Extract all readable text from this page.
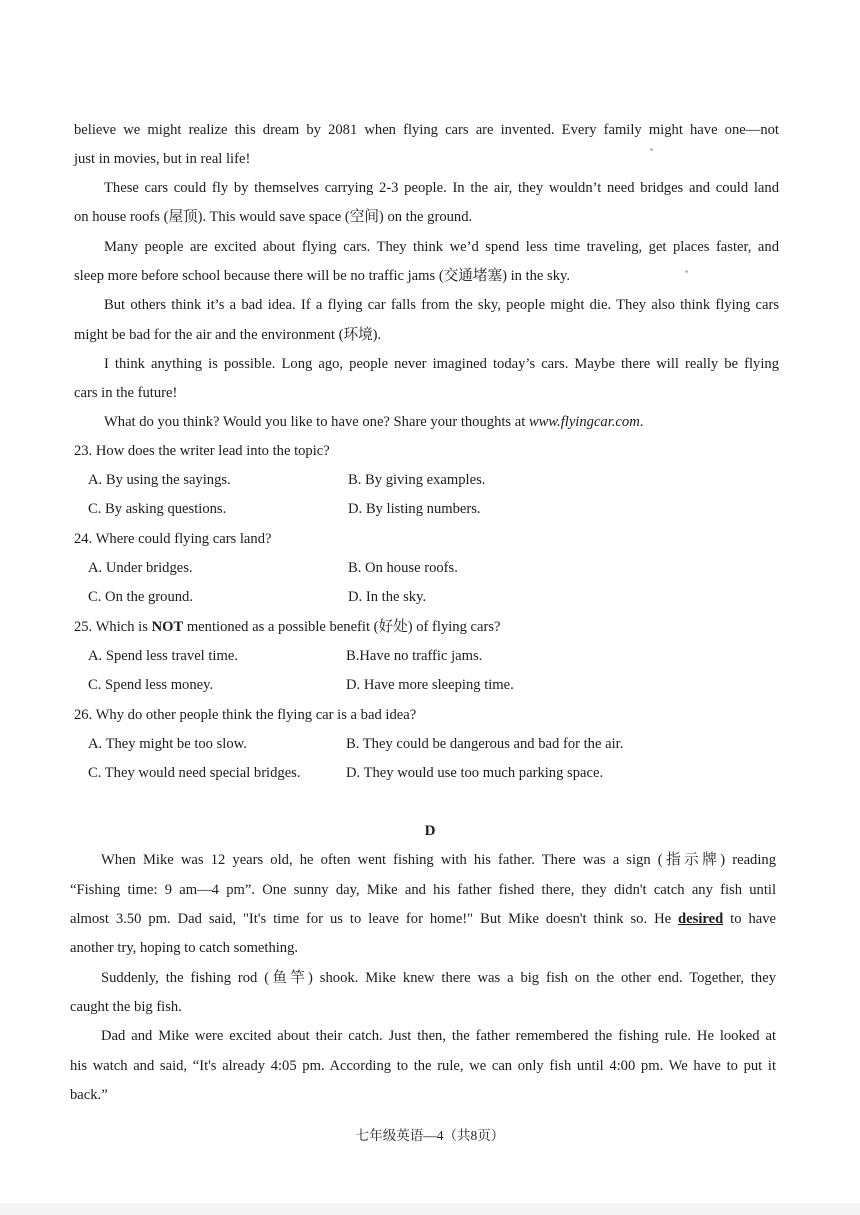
believe we might realize this dream by 2081 when flying cars are invented. Every family might have one—not
just in movies, but in real life!
These cars could fly by themselves carrying 2-3 people. In the air, they wouldn’t need bridges and could land
on house roofs (屋顶). This would save space (空间) on the ground.
Many people are excited about flying cars. They think we’d spend less time traveling, get places faster, and
sleep more before school because there will be no traffic jams (交通堵塞) in the sky.
But others think it’s a bad idea. If a flying car falls from the sky, people might die. They also think flying cars
might be bad for the air and the environment (环境).
I think anything is possible. Long ago, people never imagined today’s cars. Maybe there will really be flying
cars in the future!
What do you think? Would you like to have one? Share your thoughts at www.flyingcar.com.
23. How does the writer lead into the topic?
A. By using the sayings.	B. By giving examples.
C. By asking questions.	D. By listing numbers.
24. Where could flying cars land?
A. Under bridges.	B. On house roofs.
C. On the ground.	D. In the sky.
25. Which is NOT mentioned as a possible benefit (好处) of flying cars?
A. Spend less travel time.	B.Have no traffic jams.
C. Spend less money.	D. Have more sleeping time.
26. Why do other people think the flying car is a bad idea?
A. They might be too slow.	B. They could be dangerous and bad for the air.
C. They would need special bridges.	D. They would use too much parking space.
D
When Mike was 12 years old, he often went fishing with his father. There was a sign (指示牌) reading
“Fishing time: 9 am—4 pm”. One sunny day, Mike and his father fished there, they didn't catch any fish until
almost 3.50 pm. Dad said, "It's time for us to leave for home!" But Mike doesn't think so. He desired to have
another try, hoping to catch something.
Suddenly, the fishing rod (鱼竿) shook. Mike knew there was a big fish on the other end. Together, they
caught the big fish.
Dad and Mike were excited about their catch. Just then, the father remembered the fishing rule. He looked at
his watch and said, “It's already 4:05 pm. According to the rule, we can only fish until 4:00 pm. We have to put it
back.”
七年级英语—4（共8页）
